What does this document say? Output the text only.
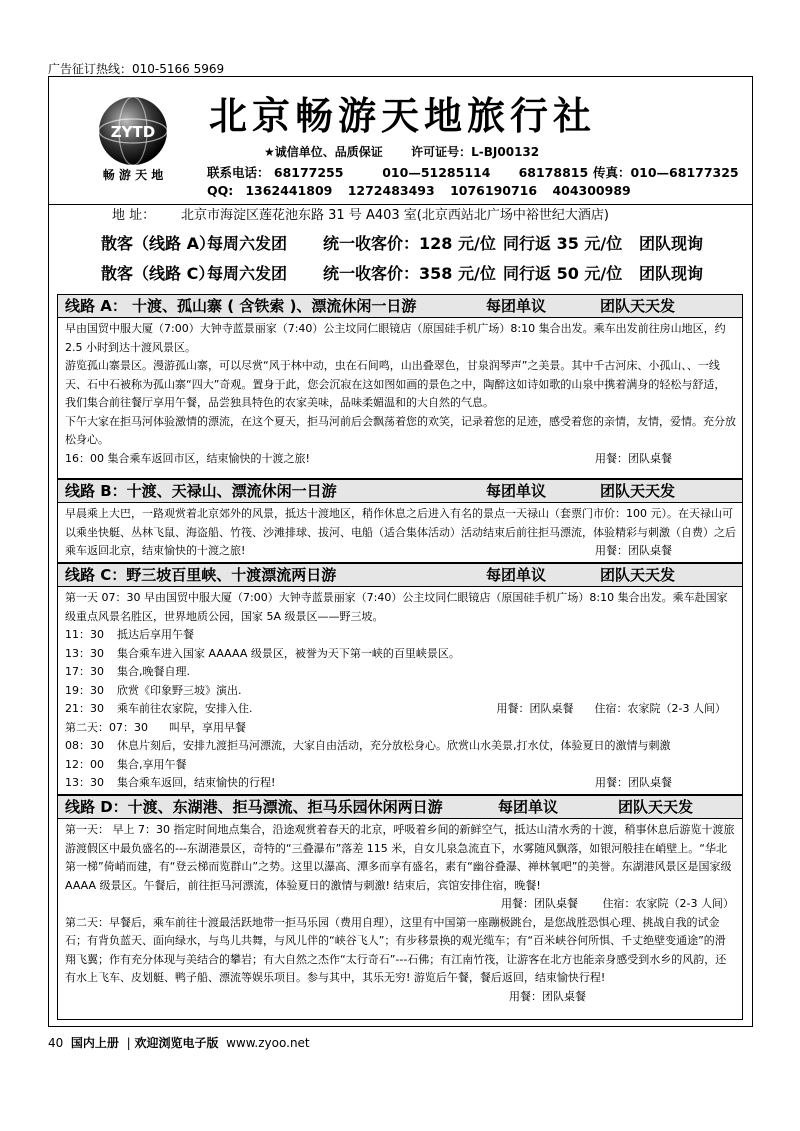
广告征订热线：010-5166 5969
ZYTD
畅 游 天 地
北京畅游天地旅行社
★诚信单位、品质保证 许可证号：L-BJ00132
联系电话： 68177255	010—51285114 68178815 传真：010—68177325
QQ: 1362441809 1272483493 1076190716 404300989
地 址： 北京市海淀区莲花池东路 31 号 A403 室(北京西站北广场中裕世纪大酒店)
散客（线路 A）
每周六发团 统一收客价：128 元/位 同行返 35 元/位 团队现询
散客（线路 C）
每周六发团 统一收客价：358 元/位 同行返 50 元/位 团队现询
线路 A： 十渡、孤山寨 ( 含铁索 )、漂流休闲一日游	每团单议	团队天天发

早由国贸中服大厦（7:00）大钟寺蓝景丽家（7:40）公主坟同仁眼镜店（原国硅手机广场）8:10 集合出发。乘车出发前往房山地区，约 2.5 小时到达十渡风景区。

游览孤山寨景区。漫游孤山寨，可以尽赏“风于林中动，虫在石间鸣，山出叠翠色，甘泉润琴声”之美景。其中千古河床、小孤山、、一线天、石中石被称为孤山寨“四大”奇观。置身于此，您会沉寂在这如图如画的景色之中，陶醉这如诗如歌的山泉中携着满身的轻松与舒适，我们集合前往餐厅享用午餐，品尝独具特色的农家美味，品味柔媚温和的大自然的气息。

下午大家在拒马河体验激情的漂流，在这个夏天，拒马河前后会飘荡着您的欢笑，记录着您的足迹，感受着您的亲情，友情，爱情。充分放松身心。

16：00 集合乘车返回市区，结束愉快的十渡之旅!	用餐：团队桌餐
线路 B：十渡、天禄山、漂流休闲一日游	每团单议	团队天天发

早晨乘上大巴，一路观赏着北京郊外的风景，抵达十渡地区，稍作休息之后进入有名的景点一天禄山（套票门市价：100 元）。在天禄山可以乘坐快艇、丛林飞鼠、海盗船、竹筏、沙滩排球、拔河、电船（适合集体活动）活动结束后前往拒马漂流，体验精彩与刺激（自费）之后乘车返回北京，结束愉快的十渡之旅!	用餐：团队桌餐
线路 C：野三坡百里峡、十渡漂流两日游	每团单议	团队天天发

第一天 07：30 早由国贸中服大厦（7:00）大钟寺蓝景丽家（7:40）公主坟同仁眼镜店（原国硅手机广场）8:10 集合出发。乘车赴国家级重点风景名胜区，世界地质公园，国家 5A 级景区——野三坡。

11：30	抵达后享用午餐
13：30	集合乘车进入国家 AAAAA 级景区，被誉为天下第一峡的百里峡景区。
17：30	集合,晚餐自理.
19：30	欣赏《印象野三坡》演出.
21：30	乘车前往农家院，安排入住.	用餐：团队桌餐      住宿：农家院（2-3 人间）

第二天：07：30      叫早，享用早餐

08：30	休息片刻后，安排九渡拒马河漂流，大家自由活动，充分放松身心。欣赏山水美景,打水仗，体验夏日的激情与刺激
12：00	集合,享用午餐
13：30	集合乘车返回，结束愉快的行程!	用餐：团队桌餐
线路 D：十渡、东湖港、拒马漂流、拒马乐园休闲两日游	每团单议	团队天天发

第一天： 早上 7：30 指定时间地点集合，沿途观赏着春天的北京，呼吸着乡间的新鲜空气，抵达山清水秀的十渡，稍事休息后游览十渡旅游渡假区中最负盛名的---东湖港景区，奇特的“三叠瀑布”落差 115 米，自女儿泉急流直下，水雾随风飘落，如银河般挂在峭壁上。“华北第一梯”倚峭而建，有“登云梯而览群山”之势。这里以瀑高、潭多而享有盛名，素有“幽谷叠瀑、禅林氧吧”的美誉。东湖港风景区是国家级 AAAA 级景区。午餐后，前往拒马河漂流，体验夏日的激情与刺激! 结束后，宾馆安排住宿，晚餐!

用餐：团队桌餐       住宿：农家院（2-3 人间）

第二天：早餐后，乘车前往十渡最活跃地带一拒马乐园（费用自理），这里有中国第一座蹦极跳台，是您战胜恐惧心理、挑战自我的试金石；有背负蓝天、面向绿水，与鸟儿共舞，与风儿伴的“峡谷飞人”；有步移景换的观光缆车；有“百米峡谷何所惧、千丈绝壁变通途”的滑翔飞翼；作有充分体现与美结合的攀岩；有大自然之杰作“太行奇石”---石佛；有江南竹筏，让游客在北方也能亲身感受到水乡的风韵，还有水上飞车、皮划艇、鸭子船、漂流等娱乐项目。参与其中，其乐无穷! 游览后午餐，餐后返回，结束愉快行程!

用餐：团队桌餐

40 国内上册  | 欢迎浏览电子版 www.zyoo.net
